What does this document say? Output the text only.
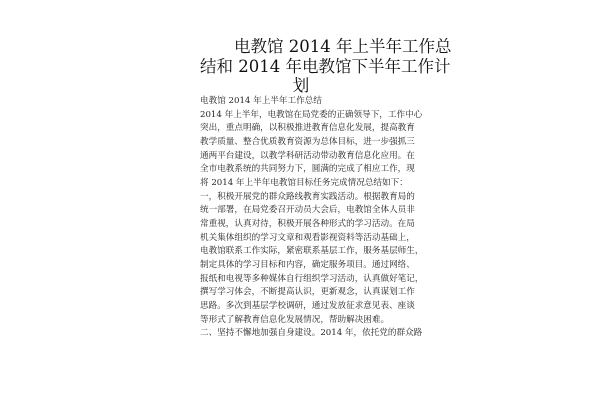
电教馆 2014 年上半年工作总
结和 2014 年电教馆下半年工作计
划

电教馆 2014 年上半年工作总结

2014 年上半年，电教馆在局党委的正确领导下，工作中心
突出，重点明确，以积极推进教育信息化发展，提高教育
教学质量、整合优质教育资源为总体目标，进一步强抓三
通两平台建设，以教学科研活动带动教育信息化应用。在
全市电教系统的共同努力下，圆满的完成了相应工作，现
将 2014 年上半年电教馆目标任务完成情况总结如下：

一，积极开展党的群众路线教育实践活动。根据教育局的
统一部署，在局党委召开动员大会后，电教馆全体人员非
常重视，认真对待，积极开展各种形式的学习活动。在局
机关集体组织的学习文章和观看影视资料等活动基础上，
电教馆联系工作实际，紧密联系基层工作，服务基层师生，
制定具体的学习目标和内容，确定服务项目。通过网络、
报纸和电视等多种媒体自行组织学习活动，认真做好笔记，
撰写学习体会，不断提高认识，更新观念，认真谋划工作
思路。多次到基层学校调研，通过发放征求意见表、座谈
等形式了解教育信息化发展情况，帮助解决困难。

二、坚持不懈地加强自身建设。2014 年，依托党的群众路
